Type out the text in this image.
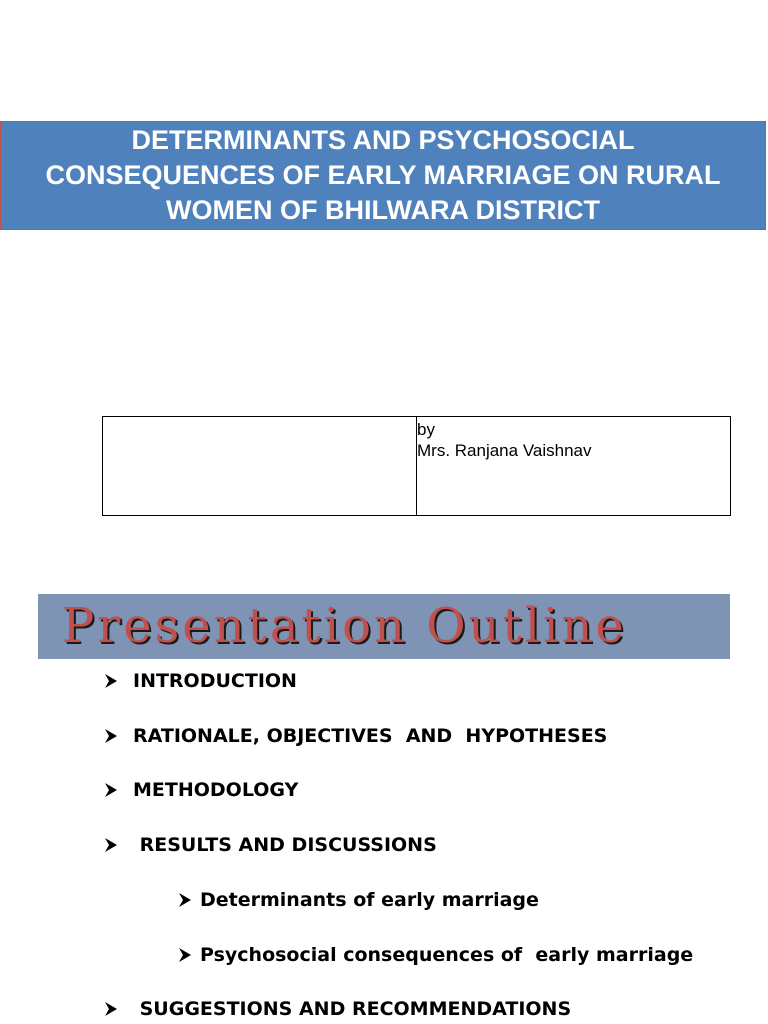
DETERMINANTS AND PSYCHOSOCIAL
CONSEQUENCES OF EARLY MARRIAGE ON RURAL
WOMEN OF BHILWARA DISTRICT

by
Mrs. Ranjana Vaishnav
Presentation Outline
INTRODUCTION
RATIONALE, OBJECTIVES  AND  HYPOTHESES
METHODOLOGY
RESULTS AND DISCUSSIONS
Determinants of early marriage
Psychosocial consequences of  early marriage
SUGGESTIONS AND RECOMMENDATIONS
